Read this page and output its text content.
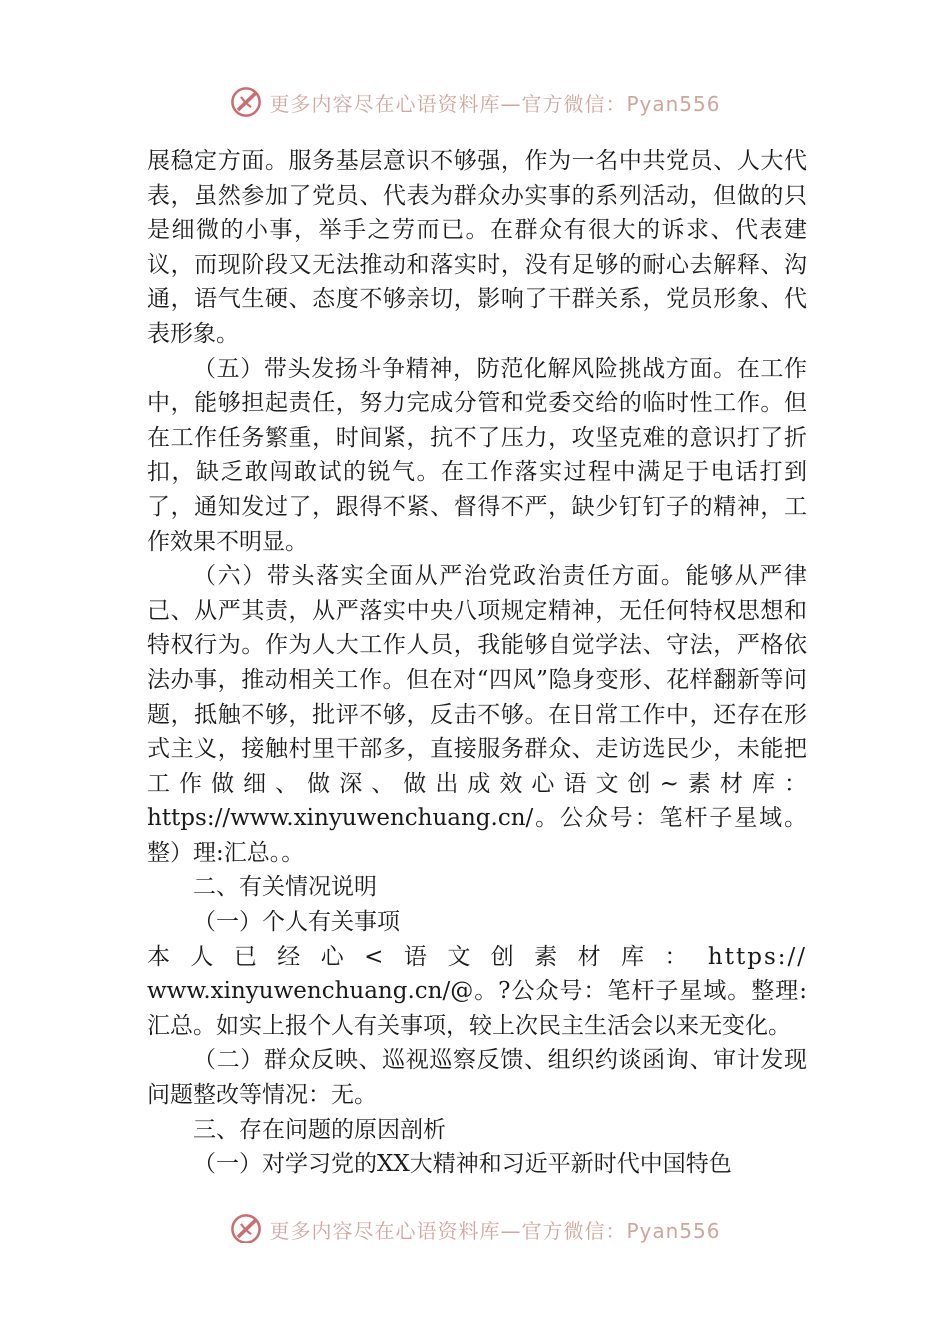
更多内容尽在心语资料库—官方微信：Pyan556

展稳定方面。服务基层意识不够强，作为一名中共党员、人大代表，虽然参加了党员、代表为群众办实事的系列活动，但做的只是细微的小事，举手之劳而已。在群众有很大的诉求、代表建议，而现阶段又无法推动和落实时，没有足够的耐心去解释、沟通，语气生硬、态度不够亲切，影响了干群关系，党员形象、代表形象。

（五）带头发扬斗争精神，防范化解风险挑战方面。在工作中，能够担起责任，努力完成分管和党委交给的临时性工作。但在工作任务繁重，时间紧，抗不了压力，攻坚克难的意识打了折扣，缺乏敢闯敢试的锐气。在工作落实过程中满足于电话打到了，通知发过了，跟得不紧、督得不严，缺少钉钉子的精神，工作效果不明显。

（六）带头落实全面从严治党政治责任方面。能够从严律己、从严其责，从严落实中央八项规定精神，无任何特权思想和特权行为。作为人大工作人员，我能够自觉学法、守法，严格依法办事，推动相关工作。但在对“四风”隐身变形、花样翻新等问题，抵触不够，批评不够，反击不够。在日常工作中，还存在形式主义，接触村里干部多，直接服务群众、走访选民少，未能把工作做细、做深、做出成效心语文创~素材库：https://www.xinyuwenchuang.cn/。公众号：笔杆子星域。整）理:汇总。。

二、有关情况说明

（一）个人有关事项

本人已经心<语文创素材库：https://

www.xinyuwenchuang.cn/@。?公众号：笔杆子星域。整理:汇总。如实上报个人有关事项，较上次民主生活会以来无变化。

（二）群众反映、巡视巡察反馈、组织约谈函询、审计发现问题整改等情况：无。

三、存在问题的原因剖析

（一）对学习党的XX大精神和习近平新时代中国特色

更多内容尽在心语资料库—官方微信：Pyan556
